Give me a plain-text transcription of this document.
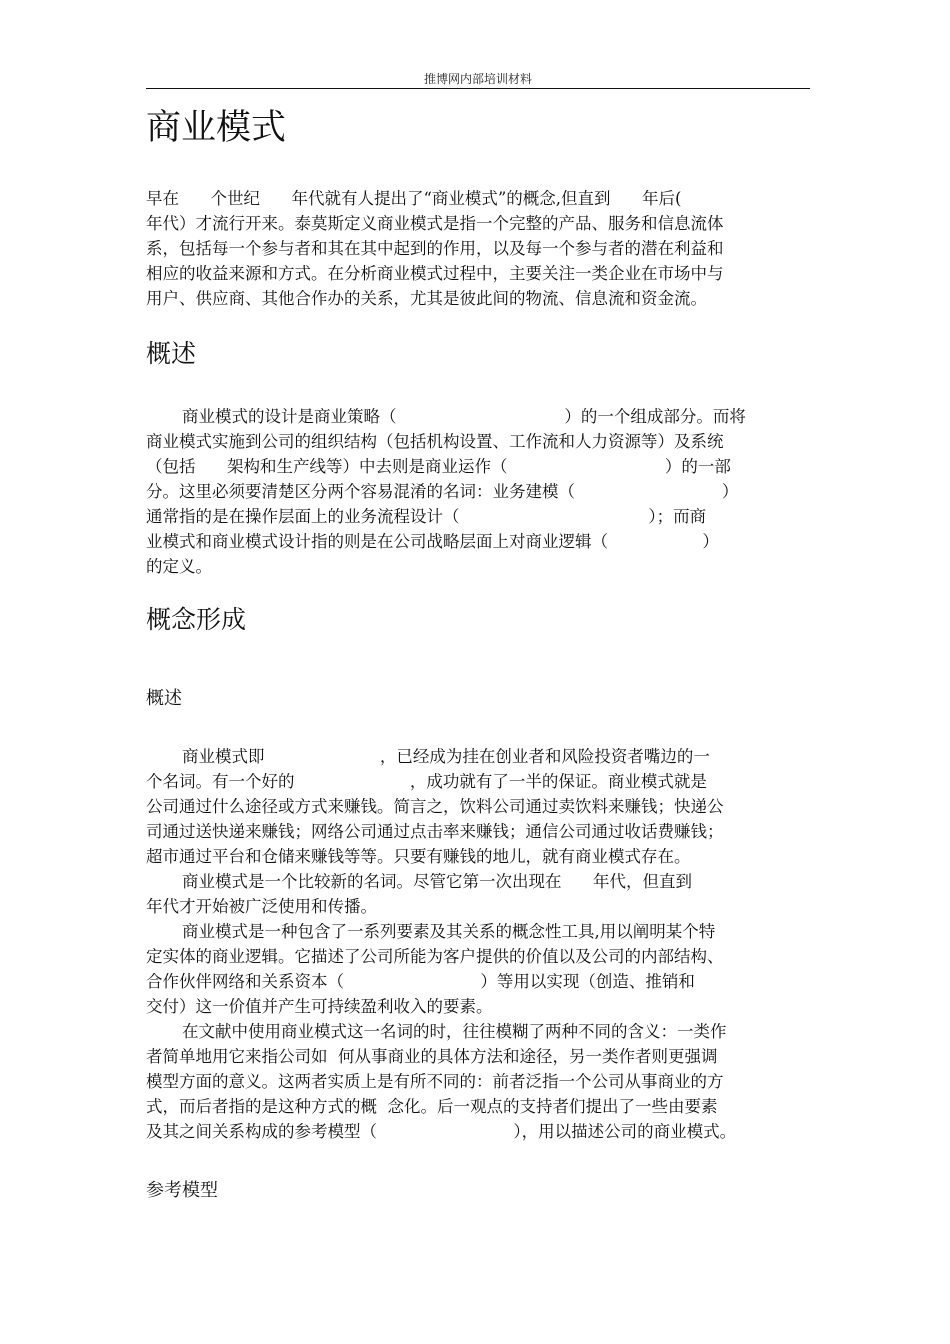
推博网内部培训材料
商业模式
早在      个世纪      年代就有人提出了“商业模式”的概念,但直到      年后(
年代）才流行开来。泰莫斯定义商业模式是指一个完整的产品、服务和信息流体
系，包括每一个参与者和其在其中起到的作用，以及每一个参与者的潜在利益和
相应的收益来源和方式。在分析商业模式过程中，主要关注一类企业在市场中与
用户、供应商、其他合作办的关系，尤其是彼此间的物流、信息流和资金流。
概述
商业模式的设计是商业策略（                                ）的一个组成部分。而将
商业模式实施到公司的组织结构（包括机构设置、工作流和人力资源等）及系统
（包括      架构和生产线等）中去则是商业运作（                              ）的一部
分。这里必须要清楚区分两个容易混淆的名词：业务建模（                            ）
通常指的是在操作层面上的业务流程设计（                                    ）；而商
业模式和商业模式设计指的则是在公司战略层面上对商业逻辑（                  ）
的定义。
概念形成
概述
商业模式即                      ，已经成为挂在创业者和风险投资者嘴边的一
个名词。有一个好的                      ，成功就有了一半的保证。商业模式就是
公司通过什么途径或方式来赚钱。简言之，饮料公司通过卖饮料来赚钱；快递公
司通过送快递来赚钱；网络公司通过点击率来赚钱；通信公司通过收话费赚钱；
超市通过平台和仓储来赚钱等等。只要有赚钱的地儿，就有商业模式存在。
商业模式是一个比较新的名词。尽管它第一次出现在      年代，但直到
年代才开始被广泛使用和传播。
商业模式是一种包含了一系列要素及其关系的概念性工具,用以阐明某个特
定实体的商业逻辑。它描述了公司所能为客户提供的价值以及公司的内部结构、
合作伙伴网络和关系资本（                          ）等用以实现（创造、推销和
交付）这一价值并产生可持续盈利收入的要素。
在文献中使用商业模式这一名词的时，往往模糊了两种不同的含义：一类作
者简单地用它来指公司如  何从事商业的具体方法和途径，另一类作者则更强调
模型方面的意义。这两者实质上是有所不同的：前者泛指一个公司从事商业的方
式，而后者指的是这种方式的概  念化。后一观点的支持者们提出了一些由要素
及其之间关系构成的参考模型（                          ），用以描述公司的商业模式。
参考模型
